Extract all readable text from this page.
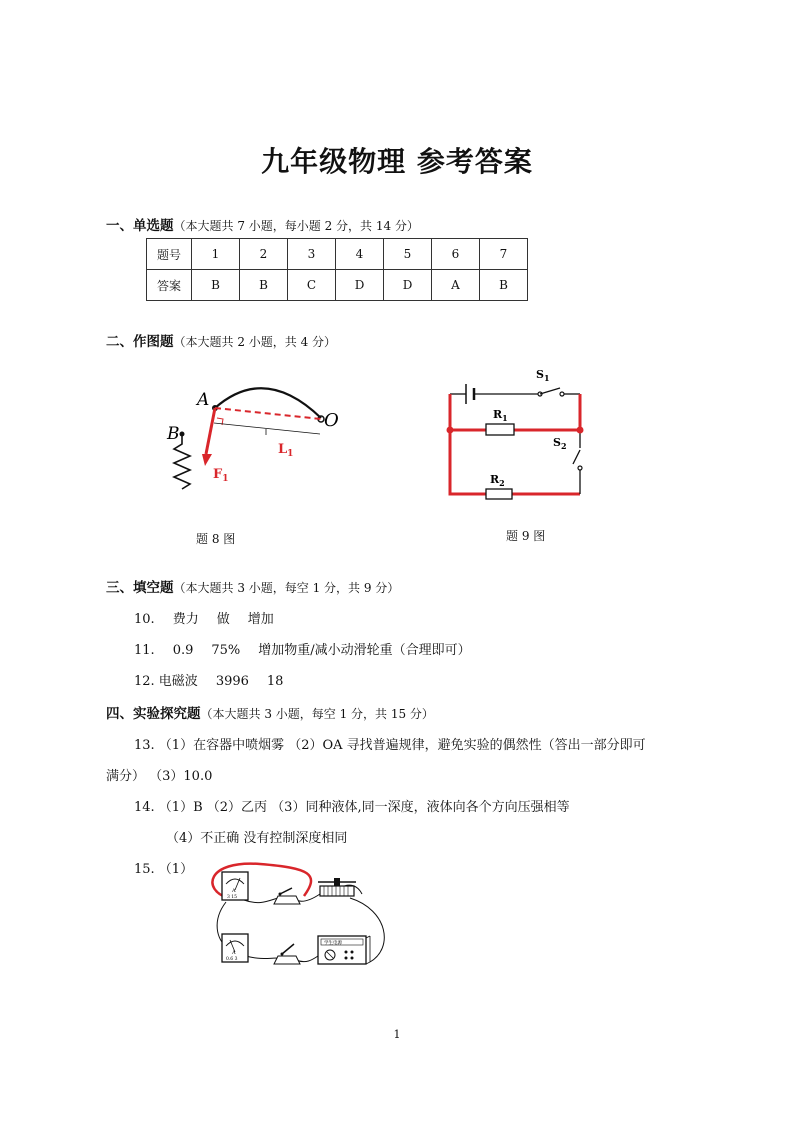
九年级物理 参考答案
一、单选题（本大题共 7 小题，每小题 2 分，共 14 分）
题号	1	2	3	4	5	6	7
答案	B	B	C	D	D	A	B
二、作图题（本大题共 2 小题，共 4 分）
A
B
O
$F_1$
$L_1$
题 8 图
$S_1$
$R_1$
$S_2$
$R_2$
题 9 图
三、填空题（本大题共 3 小题，每空 1 分，共 9 分）
10. 费力 做 增加
11. 0.9 75% 增加物重/减小动滑轮重（合理即可）
12. 电磁波 3996 18
四、实验探究题（本大题共 3 小题，每空 1 分，共 15 分）
13. （1）在容器中喷烟雾 （2）OA 寻找普遍规律，避免实验的偶然性（答出一部分即可
满分） （3）10.0
14. （1）B （2）乙丙 （3）同种液体,同一深度，液体向各个方向压强相等
（4）不正确 没有控制深度相同
15. （1）
A
3 15
A
0.6 3
学生电源
1
